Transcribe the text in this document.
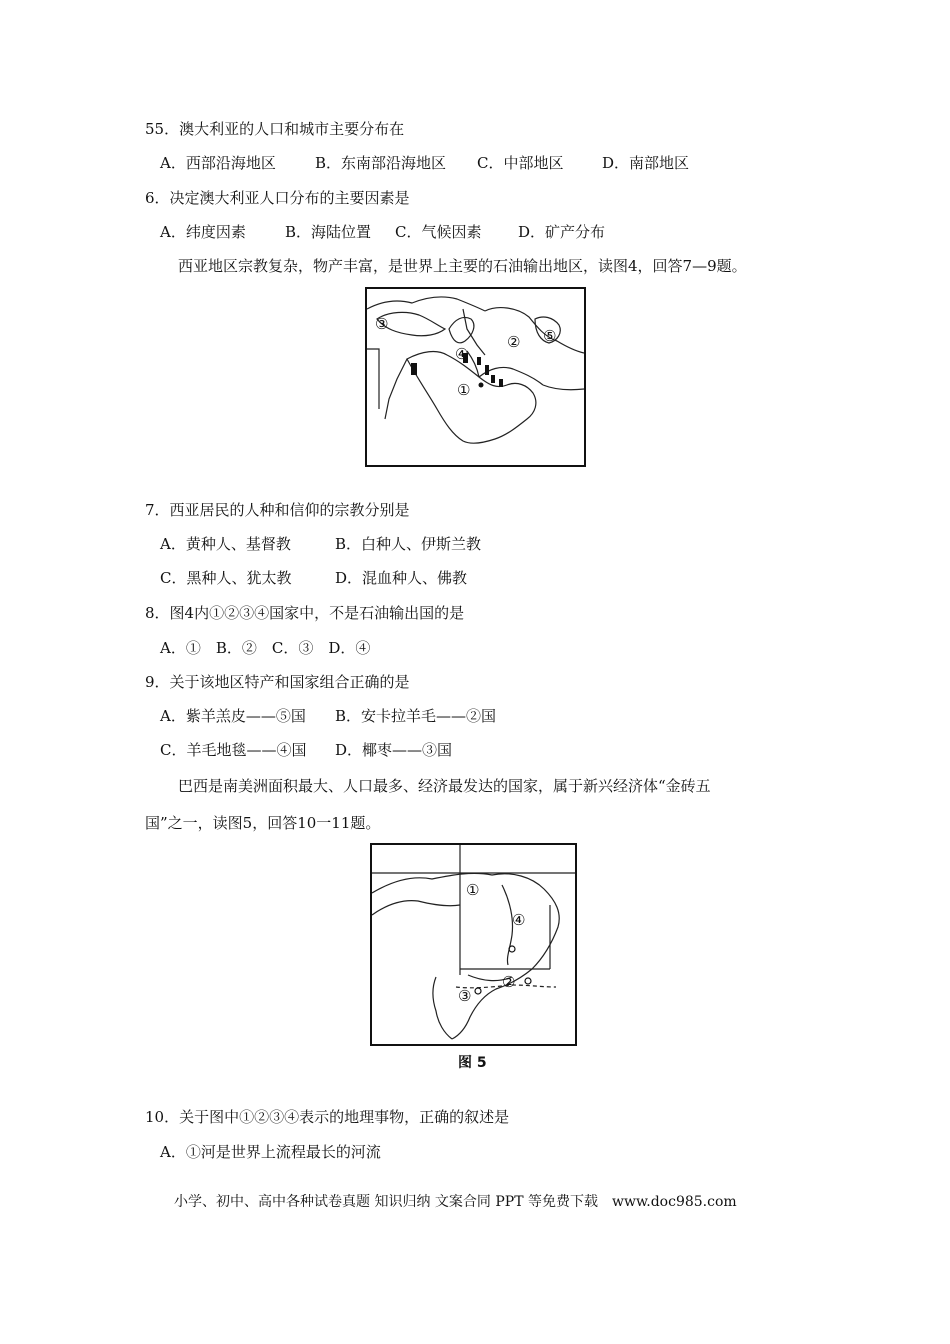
55．澳大利亚的人口和城市主要分布在
A．西部沿海地区	B．东南部沿海地区 C．中部地区	D．南部地区
6．决定澳大利亚人口分布的主要因素是
A．纬度因素	B．海陆位置 C．气候因素 D．矿产分布
西亚地区宗教复杂，物产丰富，是世界上主要的石油输出地区，读图4，回答7—9题。
③
② ⑤
④
①
7．西亚居民的人种和信仰的宗教分别是
A．黄种人、基督教	B．白种人、伊斯兰教
C．黑种人、犹太教	D．混血种人、佛教
8．图4内①②③④国家中，不是石油输出国的是
A．①　B．②　C．③　D．④
9．关于该地区特产和国家组合正确的是
A．紫羊羔皮——⑤国 B．安卡拉羊毛——②国
C．羊毛地毯——④国 D．椰枣——③国
巴西是南美洲面积最大、人口最多、经济最发达的国家，属于新兴经济体“金砖五
国”之一，读图5，回答10一11题。
①
④
②
③
图 5
10．关于图中①②③④表示的地理事物，正确的叙述是
A．①河是世界上流程最长的河流
小学、初中、高中各种试卷真题 知识归纳 文案合同 PPT 等免费下载　www.doc985.com
